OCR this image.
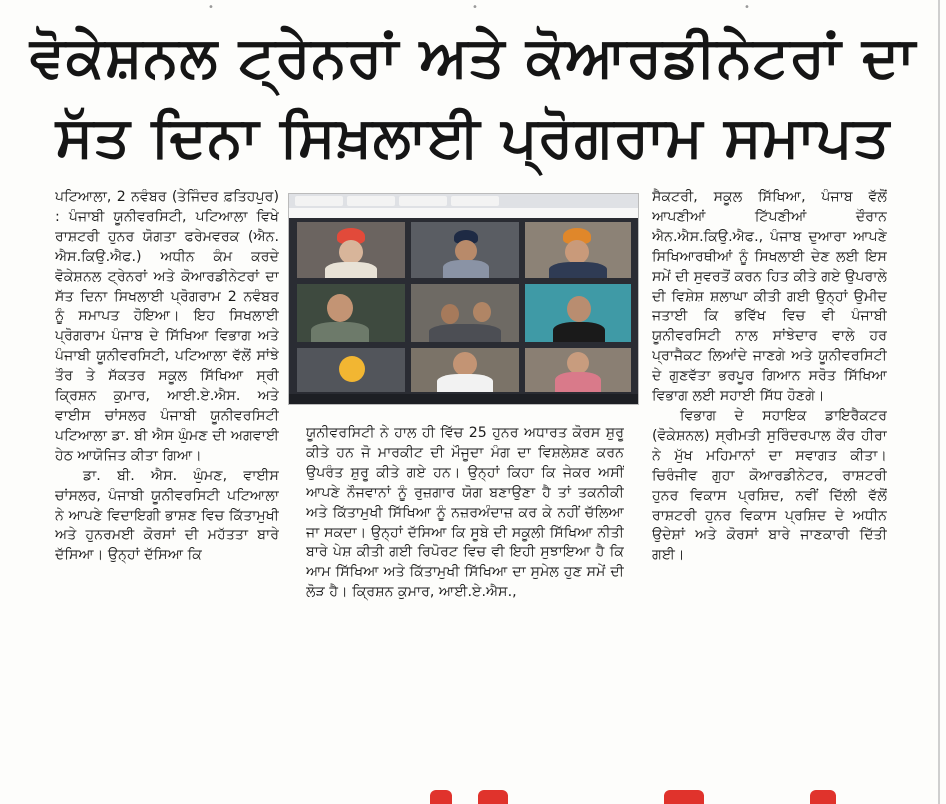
•	•	•
ਵੋਕੇਸ਼ਨਲ ਟ੍ਰੇਨਰਾਂ ਅਤੇ ਕੋਆਰਡੀਨੇਟਰਾਂ ਦਾ
ਸੱਤ ਦਿਨਾ ਸਿਖ਼ਲਾਈ ਪ੍ਰੋਗਰਾਮ ਸਮਾਪਤ

ਪਟਿਆਲਾ, 2 ਨਵੰਬਰ (ਤੇਜਿੰਦਰ ਫ਼ਤਿਹਪੁਰ) : ਪੰਜਾਬੀ ਯੂਨੀਵਰਸਿਟੀ, ਪਟਿਆਲਾ ਵਿਖੇ ਰਾਸ਼ਟਰੀ ਹੁਨਰ ਯੋਗਤਾ ਫਰੇਮਵਰਕ (ਐਨ. ਐਸ.ਕਿਉ.ਐਫ.) ਅਧੀਨ ਕੰਮ ਕਰਦੇ ਵੋਕੇਸ਼ਨਲ ਟ੍ਰੇਨਰਾਂ ਅਤੇ ਕੋਆਰਡੀਨੇਟਰਾਂ ਦਾ ਸੱਤ ਦਿਨਾ ਸਿਖਲਾਈ ਪ੍ਰੋਗਰਾਮ 2 ਨਵੰਬਰ ਨੂੰ ਸਮਾਪਤ ਹੋਇਆ। ਇਹ ਸਿਖਲਾਈ ਪ੍ਰੋਗਰਾਮ ਪੰਜਾਬ ਦੇ ਸਿੱਖਿਆ ਵਿਭਾਗ ਅਤੇ ਪੰਜਾਬੀ ਯੂਨੀਵਰਸਿਟੀ, ਪਟਿਆਲਾ ਵੱਲੋਂ ਸਾਂਝੇ ਤੌਰ ਤੇ ਸੱਕਤਰ ਸਕੂਲ ਸਿੱਖਿਆ ਸ੍ਰੀ ਕ੍ਰਿਸ਼ਨ ਕੁਮਾਰ, ਆਈ.ਏ.ਐਸ. ਅਤੇ ਵਾਈਸ ਚਾਂਸਲਰ ਪੰਜਾਬੀ ਯੂਨੀਵਰਸਿਟੀ ਪਟਿਆਲਾ ਡਾ. ਬੀ ਐਸ ਘੁੰਮਣ ਦੀ ਅਗਵਾਈ ਹੇਠ ਆਯੋਜਿਤ ਕੀਤਾ ਗਿਆ।

ਡਾ. ਬੀ. ਐਸ. ਘੁੰਮਣ, ਵਾਈਸ ਚਾਂਸਲਰ, ਪੰਜਾਬੀ ਯੂਨੀਵਰਸਿਟੀ ਪਟਿਆਲਾ ਨੇ ਆਪਣੇ ਵਿਦਾਇਗੀ ਭਾਸ਼ਣ ਵਿਚ ਕਿੱਤਾਮੁਖੀ ਅਤੇ ਹੁਨਰਮਈ ਕੋਰਸਾਂ ਦੀ ਮਹੱਤਤਾ ਬਾਰੇ ਦੱਸਿਆ। ਉਨ੍ਹਾਂ ਦੱਸਿਆ ਕਿ

ਯੂਨੀਵਰਸਿਟੀ ਨੇ ਹਾਲ ਹੀ ਵਿੱਚ 25 ਹੁਨਰ ਅਧਾਰਤ ਕੋਰਸ ਸ਼ੁਰੂ ਕੀਤੇ ਹਨ ਜੋ ਮਾਰਕੀਟ ਦੀ ਮੌਜੂਦਾ ਮੰਗ ਦਾ ਵਿਸ਼ਲੇਸ਼ਣ ਕਰਨ ਉਪਰੰਤ ਸ਼ੁਰੂ ਕੀਤੇ ਗਏ ਹਨ। ਉਨ੍ਹਾਂ ਕਿਹਾ ਕਿ ਜੇਕਰ ਅਸੀਂ ਆਪਣੇ ਨੌਜਵਾਨਾਂ ਨੂੰ ਰੁਜ਼ਗਾਰ ਯੋਗ ਬਣਾਉਣਾ ਹੈ ਤਾਂ ਤਕਨੀਕੀ ਅਤੇ ਕਿੱਤਾਮੁਖੀ ਸਿੱਖਿਆ ਨੂੰ ਨਜ਼ਰਅੰਦਾਜ਼ ਕਰ ਕੇ ਨਹੀਂ ਚੱਲਿਆ ਜਾ ਸਕਦਾ। ਉਨ੍ਹਾਂ ਦੱਸਿਆ ਕਿ ਸੂਬੇ ਦੀ ਸਕੂਲੀ ਸਿੱਖਿਆ ਨੀਤੀ ਬਾਰੇ ਪੇਸ਼ ਕੀਤੀ ਗਈ ਰਿਪੋਰਟ ਵਿਚ ਵੀ ਇਹੀ ਸੁਝਾਇਆ ਹੈ ਕਿ ਆਮ ਸਿੱਖਿਆ ਅਤੇ ਕਿੱਤਾਮੁਖੀ ਸਿੱਖਿਆ ਦਾ ਸੁਮੇਲ ਹੁਣ ਸਮੇਂ ਦੀ ਲੋੜ ਹੈ। ਕ੍ਰਿਸ਼ਨ ਕੁਮਾਰ, ਆਈ.ਏ.ਐਸ.,

ਸੈਕਟਰੀ, ਸਕੂਲ ਸਿੱਖਿਆ, ਪੰਜਾਬ ਵੱਲੋਂ ਆਪਣੀਆਂ ਟਿੱਪਣੀਆਂ ਦੌਰਾਨ ਐਨ.ਐਸ.ਕਿਉ.ਐਫ., ਪੰਜਾਬ ਦੁਆਰਾ ਆਪਣੇ ਸਿਖਿਆਰਥੀਆਂ ਨੂੰ ਸਿਖਲਾਈ ਦੇਣ ਲਈ ਇਸ ਸਮੇਂ ਦੀ ਸੁਵਰਤੋਂ ਕਰਨ ਹਿਤ ਕੀਤੇ ਗਏ ਉਪਰਾਲੇ ਦੀ ਵਿਸ਼ੇਸ਼ ਸ਼ਲਾਘਾ ਕੀਤੀ ਗਈ ਉਨ੍ਹਾਂ ਉਮੀਦ ਜਤਾਈ ਕਿ ਭਵਿੱਖ ਵਿਚ ਵੀ ਪੰਜਾਬੀ ਯੂਨੀਵਰਸਿਟੀ ਨਾਲ ਸਾਂਝੇਦਾਰ ਵਾਲੇ ਹਰ ਪ੍ਰਾਜੈਕਟ ਲਿਆਂਦੇ ਜਾਣਗੇ ਅਤੇ ਯੂਨੀਵਰਸਿਟੀ ਦੇ ਗੁਣਵੱਤਾ ਭਰਪੂਰ ਗਿਆਨ ਸਰੋਤ ਸਿੱਖਿਆ ਵਿਭਾਗ ਲਈ ਸਹਾਈ ਸਿੱਧ ਹੋਣਗੇ।

ਵਿਭਾਗ ਦੇ ਸਹਾਇਕ ਡਾਇਰੈਕਟਰ (ਵੋਕੇਸ਼ਨਲ) ਸ੍ਰੀਮਤੀ ਸੁਰਿੰਦਰਪਾਲ ਕੌਰ ਹੀਰਾ ਨੇ ਮੁੱਖ ਮਹਿਮਾਨਾਂ ਦਾ ਸਵਾਗਤ ਕੀਤਾ। ਚਿਰੰਜੀਵ ਗੁਹਾ ਕੋਆਰਡੀਨੇਟਰ, ਰਾਸ਼ਟਰੀ ਹੁਨਰ ਵਿਕਾਸ ਪ੍ਰਸ਼ਿਦ, ਨਵੀਂ ਦਿੱਲੀ ਵੱਲੋਂ ਰਾਸ਼ਟਰੀ ਹੁਨਰ ਵਿਕਾਸ ਪ੍ਰਸ਼ਿਦ ਦੇ ਅਧੀਨ ਉਦੇਸ਼ਾਂ ਅਤੇ ਕੋਰਸਾਂ ਬਾਰੇ ਜਾਣਕਾਰੀ ਦਿੱਤੀ ਗਈ।
